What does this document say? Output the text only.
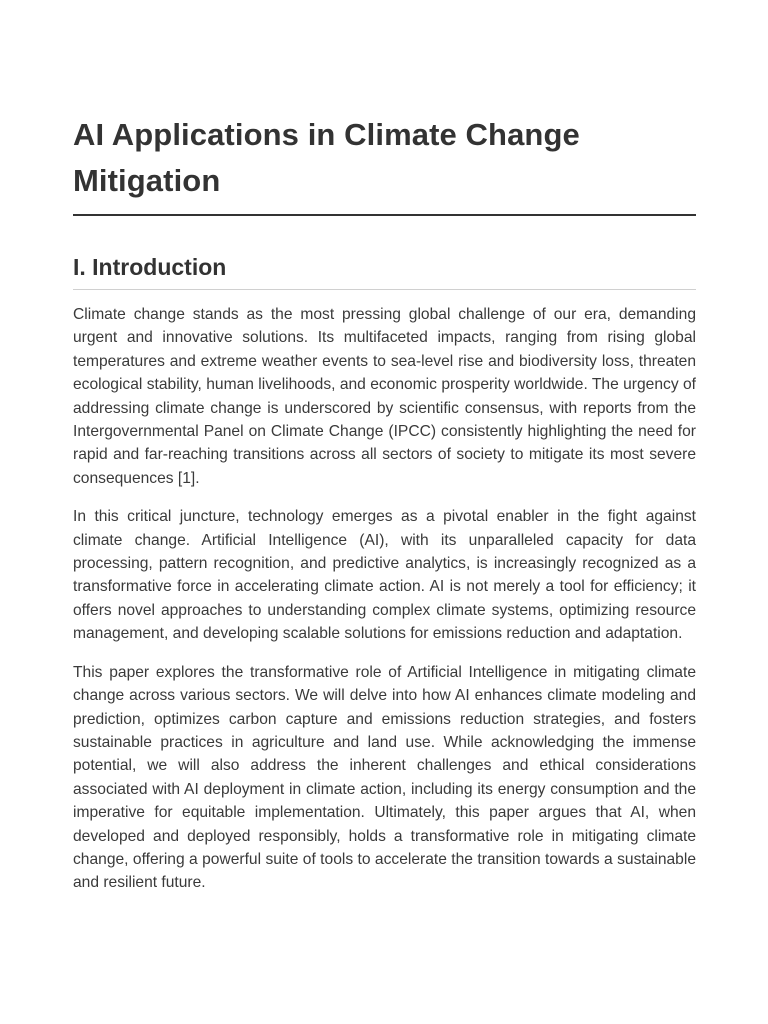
AI Applications in Climate Change Mitigation
I. Introduction

Climate change stands as the most pressing global challenge of our era, demanding urgent and innovative solutions. Its multifaceted impacts, ranging from rising global temperatures and extreme weather events to sea-level rise and biodiversity loss, threaten ecological stability, human livelihoods, and economic prosperity worldwide. The urgency of addressing climate change is underscored by scientific consensus, with reports from the Intergovernmental Panel on Climate Change (IPCC) consistently highlighting the need for rapid and far-reaching transitions across all sectors of society to mitigate its most severe consequences [1].

In this critical juncture, technology emerges as a pivotal enabler in the fight against climate change. Artificial Intelligence (AI), with its unparalleled capacity for data processing, pattern recognition, and predictive analytics, is increasingly recognized as a transformative force in accelerating climate action. AI is not merely a tool for efficiency; it offers novel approaches to understanding complex climate systems, optimizing resource management, and developing scalable solutions for emissions reduction and adaptation.

This paper explores the transformative role of Artificial Intelligence in mitigating climate change across various sectors. We will delve into how AI enhances climate modeling and prediction, optimizes carbon capture and emissions reduction strategies, and fosters sustainable practices in agriculture and land use. While acknowledging the immense potential, we will also address the inherent challenges and ethical considerations associated with AI deployment in climate action, including its energy consumption and the imperative for equitable implementation. Ultimately, this paper argues that AI, when developed and deployed responsibly, holds a transformative role in mitigating climate change, offering a powerful suite of tools to accelerate the transition towards a sustainable and resilient future.
